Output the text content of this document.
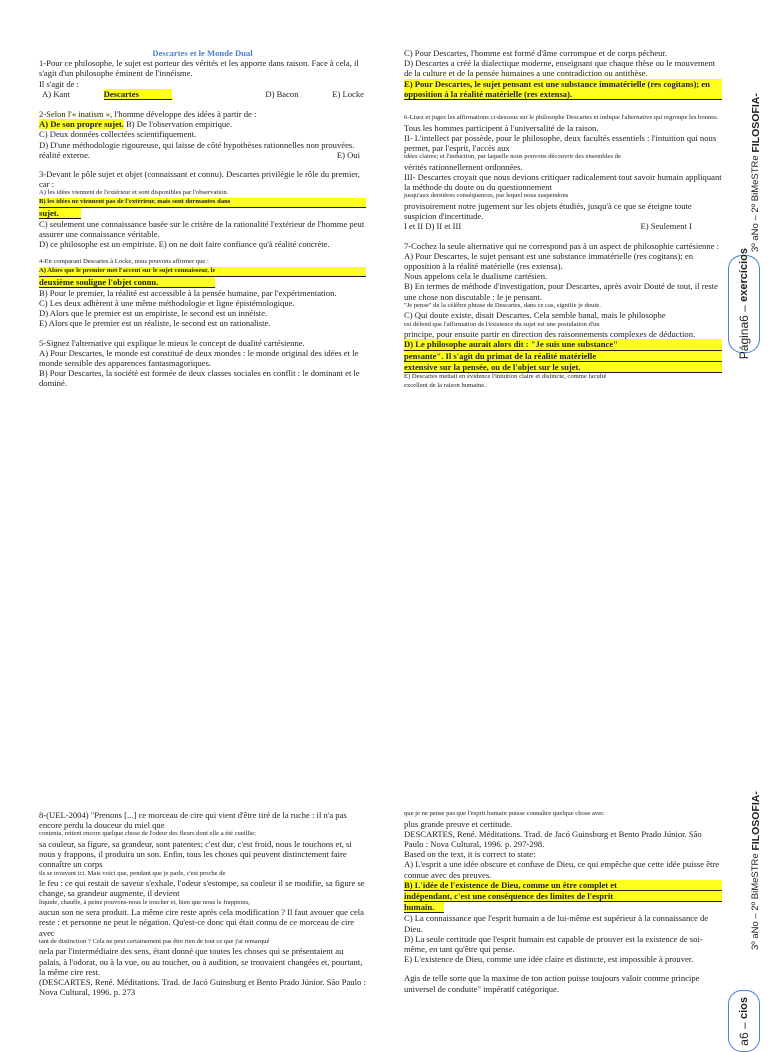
Descartes et le Monde Dual

1-Pour ce philosophe, le sujet est porteur des vérités et les apporte dans raison. Face à cela, il s'agit d'un philosophe éminent de l'innéisme.

Il s'agit de :

A) Kant	Descartes	D) Bacon	E) Locke

2-Selon l'« inatism », l'homme développe des idées à partir de :

A) De son propre sujet. B) De l'observation empirique.

C) Deux données collectées scientifiquement.

D) D'une méthodologie rigoureuse, qui laisse de côté hypothèses rationnelles non prouvées.

réalité externe.	E) Oui

3-Devant le pôle sujet et objet (connaissant et connu). Descartes privilégie le rôle du premier, car :

A) les idées viennent de l'extérieur et sont disponibles par l'observation.

B) les idées ne viennent pas de l'extérieur, mais sont dormantes dans

sujet.

C) seulement une connaissance basée sur le critère de la rationalité l'extérieur de l'homme peut assurer une connaissance véritable.

D) ce philosophe est un empiriste. E) on ne doit faire confiance qu'à réalité concrète.

4-En comparant Descartes à Locke, nous pouvons affirmer que :

A) Alors que le premier met l'accent sur le sujet connaisseur, le

deuxième souligne l'objet connu.

B) Pour le premier, la réalité est accessible à la pensée humaine, par l'expérimentation.

C) Les deux adhèrent à une même méthodologie et ligne épistémologique.

D) Alors que le premier est un empiriste, le second est un innéiste.

E) Alors que le premier est un réaliste, le second est un rationaliste.

5-Signez l'alternative qui explique le mieux le concept de dualité cartésienne.

A) Pour Descartes, le monde est constitué de deux mondes : le monde original des idées et le monde sensible des apparences fantasmagoriques.

B) Pour Descartes, la société est formée de deux classes sociales en conflit : le dominant et le dominé.

C) Pour Descartes, l'homme est formé d'âme corrompue et de corps pécheur.

D) Descartes a créé la dialectique moderne, enseignant que chaque thèse ou le mouvement de la culture et de la pensée humaines a une contradiction ou antithèse.

E) Pour Descartes, le sujet pensant est une substance immatérielle (res cogitans); en opposition à la réalité matérielle (res extensa).

6-Lisez et jugez les affirmations ci-dessous sur le philosophe Descartes et indique l'alternative qui regroupe les bonnes.

Tous les hommes participent à l'universalité de la raison.

II- L'intellect par possède, pour le philosophe, deux facultés essentiels : l'intuition qui nous permet, par l'esprit, l'accès aux

idées claires; et l'induction, par laquelle nous pouvons découvrir des ensembles de

vérités rationnellement ordonnées.

III- Descartes croyait que nous devions critiquer radicalement tout savoir humain appliquant la méthode du doute ou du questionnement

jusqu'aux dernières conséquences, par lequel nous suspendons

provisoirement notre jugement sur les objets étudiés, jusqu'à ce que se éteigne toute suspicion d'incertitude.

I et II D) II et III	E) Seulement I

7-Cochez la seule alternative qui ne correspond pas à un aspect de philosophie cartésienne :

A) Pour Descartes, le sujet pensant est une substance immatérielle (res cogitans); en opposition à la réalité matérielle (res extensa).

Nous appelons cela le dualisme cartésien.

B) En termes de méthode d'investigation, pour Descartes, après avoir Douté de tout, il reste une chose non discutable : le je pensant.

"Je pense" de la célèbre phrase de Descartes, dans ce cas, signifie je doute.

C) Qui doute existe, disait Descartes. Cela semble banal, mais le philosophe

est défend que l'affirmation de l'existence du sujet est une postulation d'un

principe, pour ensuite partir en direction des raisonnements complexes de déduction.

D) Le philosophe aurait alors dit : "Je suis une substance"

pensante". Il s'agit du primat de la réalité matérielle

extensive sur la pensée, ou de l'objet sur le sujet.

E) Descartes mettait en évidence l'intuition claire et distincte, comme faculté

excellent de la raison humaine.

3º aNo – 2º BiMeSTRe FILOSOFIA-
Página6 – exercícios

8-(UEL-2004) "Prenons [...] ce morceau de cire qui vient d'être tiré de la ruche : il n'a pas encore perdu la douceur du miel que

contenta, retient encore quelque chose de l'odeur des fleurs dont elle a été cueillie;

sa couleur, sa figure, sa grandeur, sont patentes; c'est dur, c'est froid, nous le touchons et, si nous y frappons, il produira un son. Enfin, tous les choses qui peuvent distinctement faire connaître un corps

ils se trouvent ici. Mais voici que, pendant que je parle, c'est proche de

le feu : ce qui restait de saveur s'exhale, l'odeur s'estompe, sa couleur il se modifie, sa figure se change, sa grandeur augmente, il devient

liquide, chauffe, à peine pouvons-nous le toucher et, bien que nous le frappions,

aucun son ne sera produit. La même cire reste après cela modification ? Il faut avouer que cela reste : et personne ne peut le négation. Qu'est-ce donc qui était connu de ce morceau de cire avec

tant de distinction ? Cela ne peut certainement pas être rien de tout ce que j'ai remarqué

nela par l'intermédiaire des sens, étant donné que toutes les choses qui se présentaient au palais, à l'odorat, ou à la vue, ou au toucher, ou à audition, se trouvaient changées et, pourtant, la même cire rest.

(DESCARTES, René. Méditations. Trad. de Jacó Guinsburg et Bento Prado Júnior. São Paulo : Nova Cultural, 1996. p. 273

que je ne pense pas que l'esprit humain puisse connaître quelque chose avec

plus grande preuve et certitude.

DESCARTES, René. Méditations. Trad. de Jacó Guinsburg et Bento Prado Júnior. São Paulo : Nova Cultural, 1996. p. 297-298.

Based on the text, it is correct to state:

A) L'esprit a une idée obscure et confuse de Dieu, ce qui empêche que cette idée puisse être connue avec des preuves.

B) L'idée de l'existence de Dieu, comme un être complet et

indépendant, c'est une conséquence des limites de l'esprit

humain.

C) La connaissance que l'esprit humain a de lui-même est supérieur à la connaissance de Dieu.

D) La seule certitude que l'esprit humain est capable de prouver est la existence de soi-même, en tant qu'être qui pense.

E) L'existence de Dieu, comme une idée claire et distincte, est impossible à prouver.

Agis de telle sorte que la maxime de ton action puisse toujours valoir comme principe universel de conduite" impératif catégorique.

3º aNo – 2º BiMeSTRe FILOSOFIA-
a6 – cios
